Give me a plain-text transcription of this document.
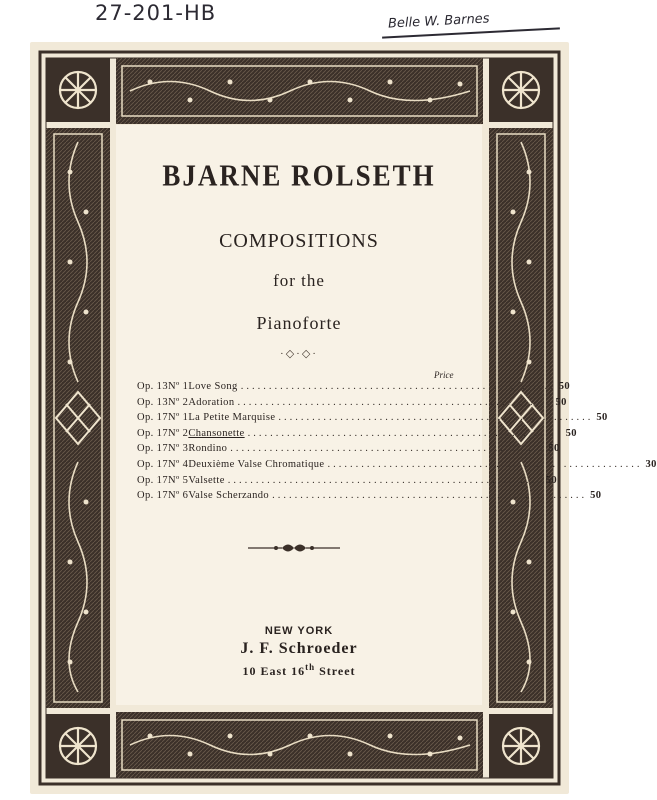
27-201-HB	Belle W. Barnes
BJARNE ROLSETH
COMPOSITIONS
for the
Pianoforte
·◇·◇·
Price
Op. 13 Nº 1 Love Song ........................................................ 50
Op. 13 Nº 2 Adoration ........................................................ 50
Op. 17 Nº 1 La Petite Marquise ........................................................ 50
Op. 17 Nº 2 Chansonette ........................................................ 50
Op. 17 Nº 3 Rondino ........................................................ 50
Op. 17 Nº 4 Deuxième Valse Chromatique ........................................................ 30
Op. 17 Nº 5 Valsette ........................................................ 50
Op. 17 Nº 6 Valse Scherzando ........................................................ 50
NEW YORK
J. F. Schroeder
10 East 16th Street
